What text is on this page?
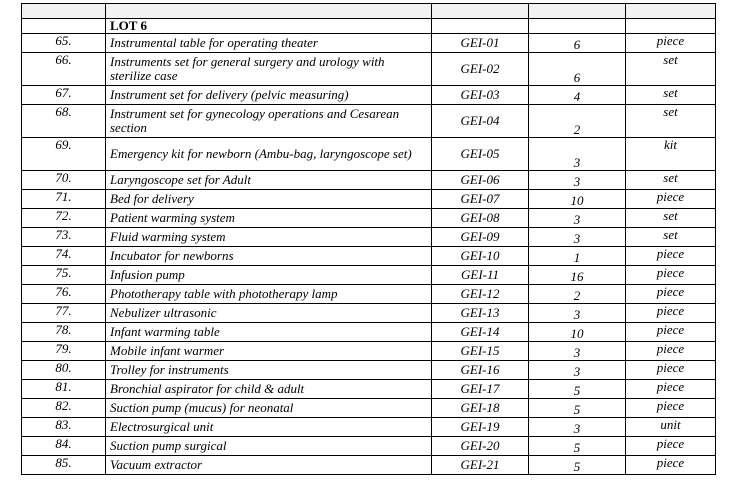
	LOT 6			
65.	Instrumental table for operating theater	GEI-01	6	piece
66.	Instruments set for general surgery and urology with sterilize case	GEI-02	6	set
67.	Instrument set for delivery (pelvic measuring)	GEI-03	4	set
68.	Instrument set for gynecology operations and Cesarean section	GEI-04	2	set
69.	Emergency kit for newborn (Ambu-bag, laryngoscope set)	GEI-05	3	kit
70.	Laryngoscope set for Adult	GEI-06	3	set
71.	Bed for delivery	GEI-07	10	piece
72.	Patient warming system	GEI-08	3	set
73.	Fluid warming system	GEI-09	3	set
74.	Incubator for newborns	GEI-10	1	piece
75.	Infusion pump	GEI-11	16	piece
76.	Phototherapy table with phototherapy lamp	GEI-12	2	piece
77.	Nebulizer ultrasonic	GEI-13	3	piece
78.	Infant warming table	GEI-14	10	piece
79.	Mobile infant warmer	GEI-15	3	piece
80.	Trolley for instruments	GEI-16	3	piece
81.	Bronchial aspirator for child & adult	GEI-17	5	piece
82.	Suction pump (mucus) for neonatal	GEI-18	5	piece
83.	Electrosurgical unit	GEI-19	3	unit
84.	Suction pump surgical	GEI-20	5	piece
85.	Vacuum extractor	GEI-21	5	piece
